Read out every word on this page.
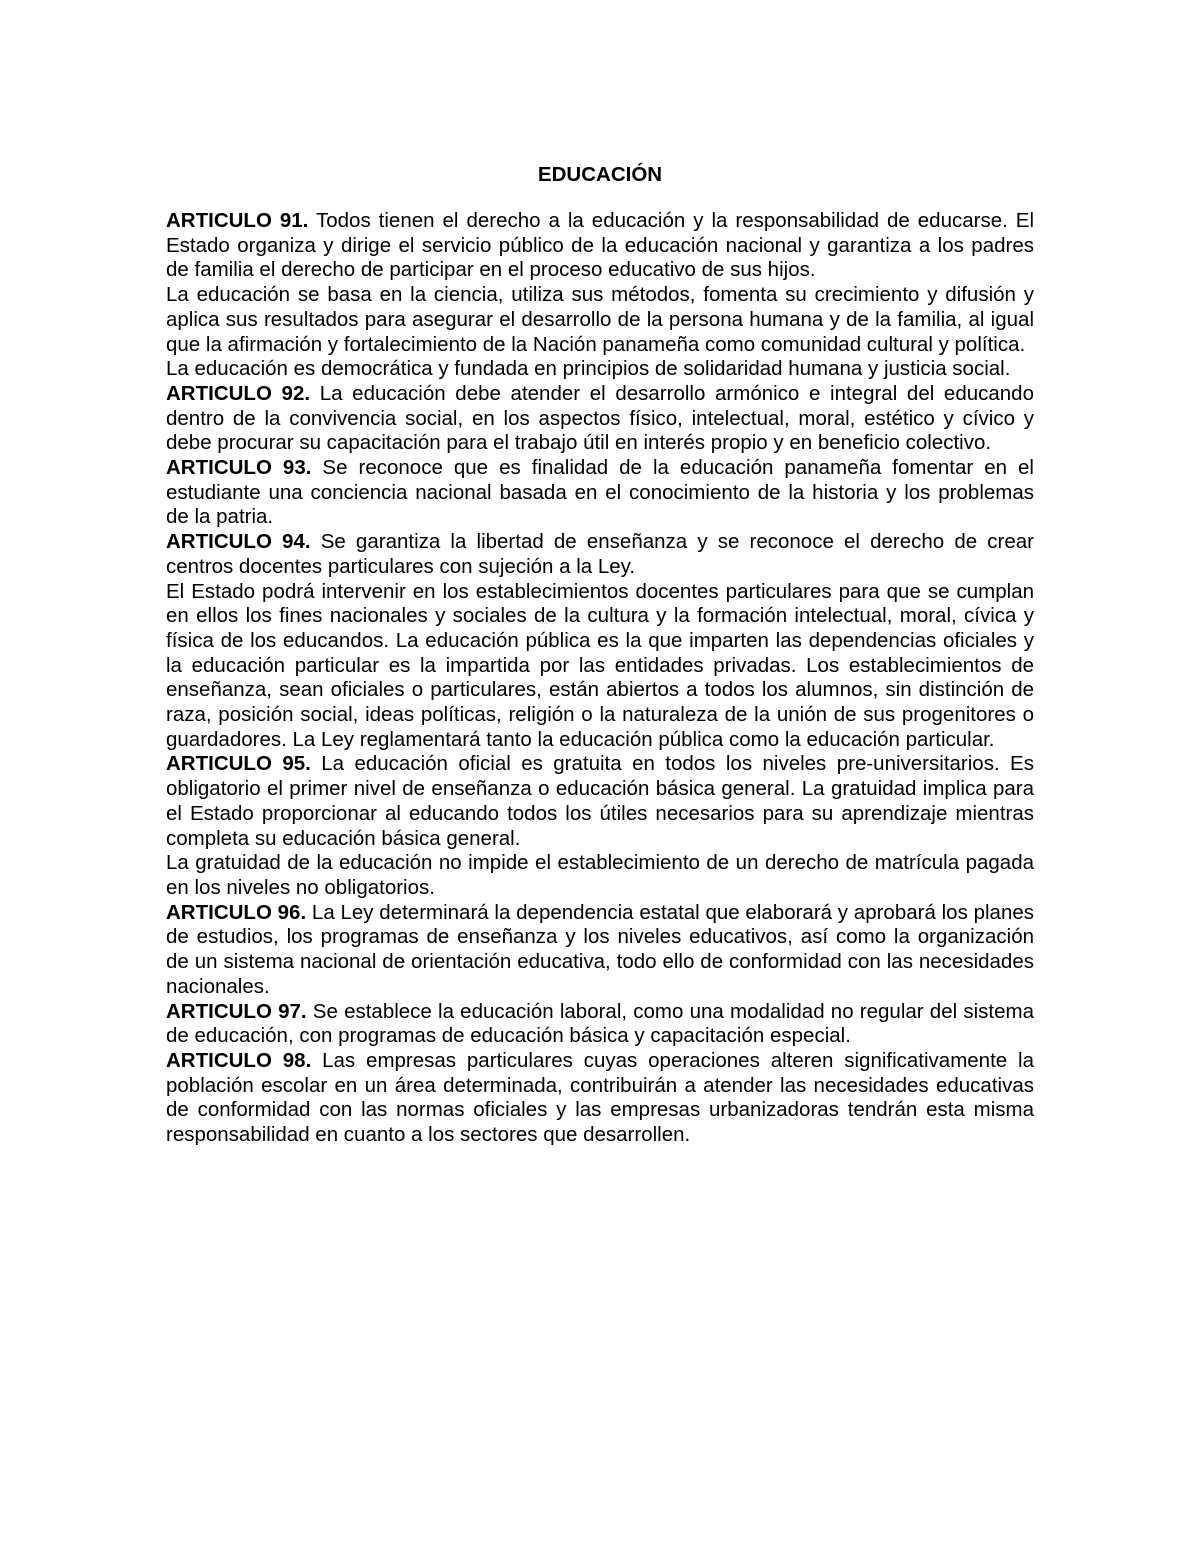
EDUCACIÓN

ARTICULO 91. Todos tienen el derecho a la educación y la responsabilidad de educarse. El Estado organiza y dirige el servicio público de la educación nacional y garantiza a los padres de familia el derecho de participar en el proceso educativo de sus hijos.

La educación se basa en la ciencia, utiliza sus métodos, fomenta su crecimiento y difusión y aplica sus resultados para asegurar el desarrollo de la persona humana y de la familia, al igual que la afirmación y fortalecimiento de la Nación panameña como comunidad cultural y política.

La educación es democrática y fundada en principios de solidaridad humana y justicia social.

ARTICULO 92. La educación debe atender el desarrollo armónico e integral del educando dentro de la convivencia social, en los aspectos físico, intelectual, moral, estético y cívico y debe procurar su capacitación para el trabajo útil en interés propio y en beneficio colectivo.

ARTICULO 93. Se reconoce que es finalidad de la educación panameña fomentar en el estudiante una conciencia nacional basada en el conocimiento de la historia y los problemas de la patria.

ARTICULO 94. Se garantiza la libertad de enseñanza y se reconoce el derecho de crear centros docentes particulares con sujeción a la Ley.

El Estado podrá intervenir en los establecimientos docentes particulares para que se cumplan en ellos los fines nacionales y sociales de la cultura y la formación intelectual, moral, cívica y física de los educandos. La educación pública es la que imparten las dependencias oficiales y la educación particular es la impartida por las entidades privadas. Los establecimientos de enseñanza, sean oficiales o particulares, están abiertos a todos los alumnos, sin distinción de raza, posición social, ideas políticas, religión o la naturaleza de la unión de sus progenitores o guardadores. La Ley reglamentará tanto la educación pública como la educación particular.

ARTICULO 95. La educación oficial es gratuita en todos los niveles pre-universitarios. Es obligatorio el primer nivel de enseñanza o educación básica general. La gratuidad implica para el Estado proporcionar al educando todos los útiles necesarios para su aprendizaje mientras completa su educación básica general.

La gratuidad de la educación no impide el establecimiento de un derecho de matrícula pagada en los niveles no obligatorios.

ARTICULO 96. La Ley determinará la dependencia estatal que elaborará y aprobará los planes de estudios, los programas de enseñanza y los niveles educativos, así como la organización de un sistema nacional de orientación educativa, todo ello de conformidad con las necesidades nacionales.

ARTICULO 97. Se establece la educación laboral, como una modalidad no regular del sistema de educación, con programas de educación básica y capacitación especial.

ARTICULO 98. Las empresas particulares cuyas operaciones alteren significativamente la población escolar en un área determinada, contribuirán a atender las necesidades educativas de conformidad con las normas oficiales y las empresas urbanizadoras tendrán esta misma responsabilidad en cuanto a los sectores que desarrollen.
